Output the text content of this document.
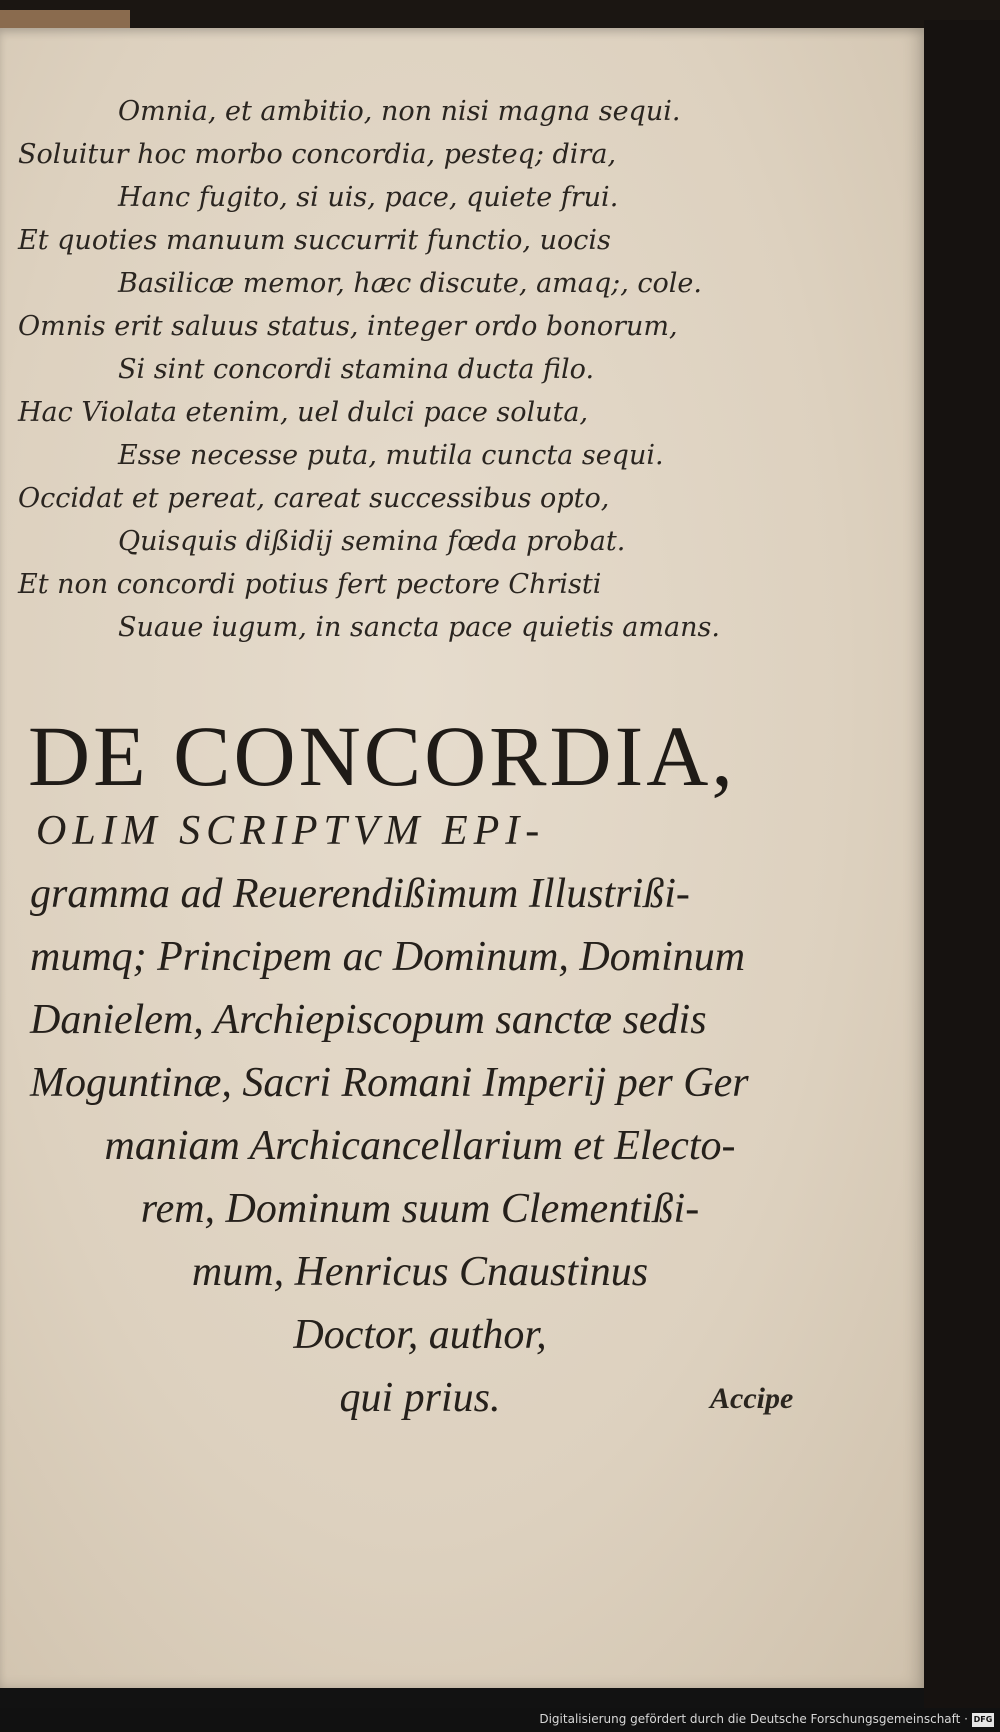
Omnia, et ambitio, non nisi magna sequi.
Soluitur hoc morbo concordia, pesteq; dira,
Hanc fugito, si uis, pace, quiete frui.
Et quoties manuum succurrit functio, uocis
Basilicæ memor, hæc discute, amaq;, cole.
Omnis erit saluus status, integer ordo bonorum,
Si sint concordi stamina ducta filo.
Hac Violata etenim, uel dulci pace soluta,
Esse necesse puta, mutila cuncta sequi.
Occidat et pereat, careat successibus opto,
Quisquis dißidij semina fœda probat.
Et non concordi potius fert pectore Christi
Suaue iugum, in sancta pace quietis amans.
DE CONCORDIA,
OLIM SCRIPTVM EPI-
gramma ad Reuerendißimum Illustrißi-
mumq; Principem ac Dominum, Dominum
Danielem, Archiepiscopum sanctæ sedis
Moguntinæ, Sacri Romani Imperij per Ger
maniam Archicancellarium et Electo-
rem, Dominum suum Clementißi-
mum, Henricus Cnaustinus
Doctor, author,
qui prius.	Accipe
Digitalisierung gefördert durch die Deutsche Forschungsgemeinschaft · DFG
